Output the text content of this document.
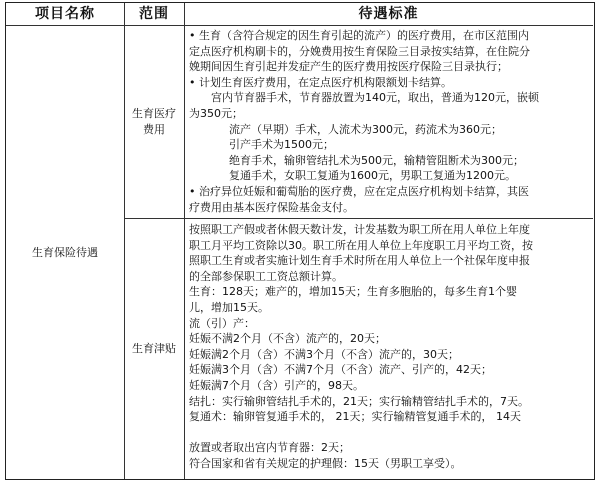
项目名称	范围	待遇标准
生育保险待遇

生育医疗

费用

• 生育（含符合规定的因生育引起的流产）的医疗费用，在市区范围内

定点医疗机构刷卡的，分娩费用按生育保险三目录按实结算，在住院分

娩期间因生育引起并发症产生的医疗费用按医疗保险三目录执行；

• 计划生育医疗费用，在定点医疗机构限额划卡结算。

宫内节育器手术，节育器放置为140元，取出，普通为120元，嵌顿

为350元；

流产（早期）手术，人流术为300元，药流术为360元；

引产手术为1500元；

绝育手术，输卵管结扎术为500元，输精管阻断术为300元；

复通手术，女职工复通为1600元，男职工复通为1200元。

• 治疗异位妊娠和葡萄胎的医疗费，应在定点医疗机构划卡结算，其医

疗费用由基本医疗保险基金支付。

生育津贴

按照职工产假或者休假天数计发，计发基数为职工所在用人单位上年度

职工月平均工资除以30。职工所在用人单位上年度职工月平均工资，按

照职工生育或者实施计划生育手术时所在用人单位上一个社保年度申报

的全部参保职工工资总额计算。

生育：128天；难产的，增加15天；生育多胞胎的，每多生育1个婴

儿，增加15天。

流（引）产：

妊娠不满2个月（不含）流产的，20天；

妊娠满2个月（含）不满3个月（不含）流产的，30天；

妊娠满3个月（含）不满7个月（不含）流产、引产的，42天；

妊娠满7个月（含）引产的，98天。

结扎：实行输卵管结扎手术的，21天；实行输精管结扎手术的，7天。

复通术：输卵管复通手术的， 21天；实行输精管复通手术的， 14天

放置或者取出宫内节育器：2天；

符合国家和省有关规定的护理假：15天（男职工享受）。
